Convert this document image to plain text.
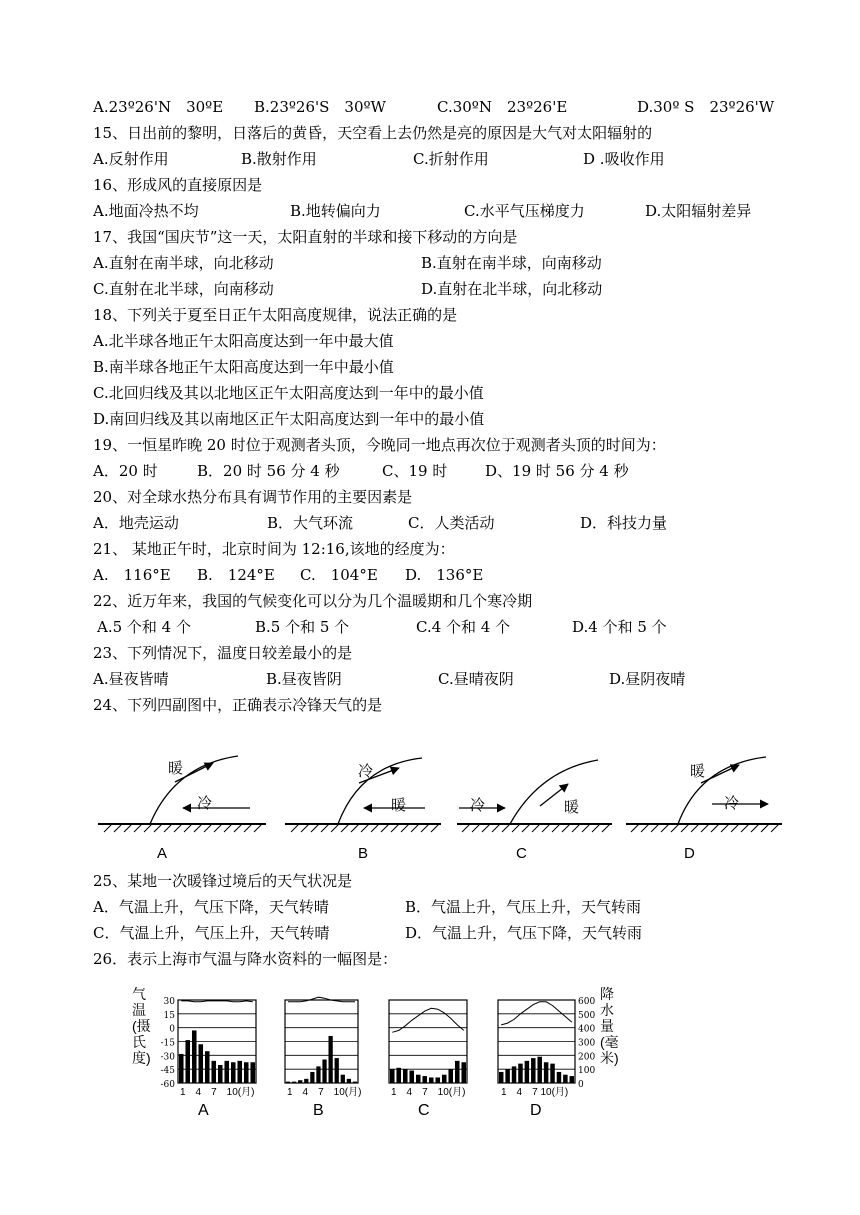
A.23º26'N　30ºE B.23º26'S　30ºW	C.30ºN　23º26'E	D.30º S　23º26'W
15、日出前的黎明，日落后的黄昏，天空看上去仍然是亮的原因是大气对太阳辐射的
A.反射作用	B.散射作用	C.折射作用	D .吸收作用
16、形成风的直接原因是
A.地面冷热不均	B.地转偏向力	C.水平气压梯度力	D.太阳辐射差异
17、我国“国庆节”这一天，太阳直射的半球和接下移动的方向是
A.直射在南半球，向北移动	B.直射在南半球，向南移动
C.直射在北半球，向南移动	D.直射在北半球，向北移动
18、下列关于夏至日正午太阳高度规律，说法正确的是
A.北半球各地正午太阳高度达到一年中最大值
B.南半球各地正午太阳高度达到一年中最小值
C.北回归线及其以北地区正午太阳高度达到一年中的最小值
D.南回归线及其以南地区正午太阳高度达到一年中的最小值
19、一恒星昨晚 20 时位于观测者头顶，今晚同一地点再次位于观测者头顶的时间为：
A．20 时	B．20 时 56 分 4 秒	C、19 时	D、19 时 56 分 4 秒
20、对全球水热分布具有调节作用的主要因素是
A．地壳运动	B．大气环流	C．人类活动	D．科技力量
21、 某地正午时，北京时间为 12:16,该地的经度为：
A.　116°E B.　124°E C.　104°E D.　136°E
22、近万年来，我国的气候变化可以分为几个温暖期和几个寒冷期
A.5 个和 4 个	B.5 个和 5 个	C.4 个和 4 个	D.4 个和 5 个
23、下列情况下，温度日较差最小的是
A.昼夜皆晴	B.昼夜皆阴	C.昼晴夜阴	D.昼阴夜晴
24、下列四副图中，正确表示冷锋天气的是
暖
冷
A
冷
暖
B
冷	暖
C
暖
冷
D
25、某地一次暖锋过境后的天气状况是
A．气温上升，气压下降，天气转晴	B．气温上升，气压上升，天气转雨
C．气温上升，气压上升，天气转晴	D．气温上升，气压下降，天气转雨
26．表示上海市气温与降水资料的一幅图是：
30
15
0
-15
-30
-45
-60
600
500
400
300
200
100
0
A	B	C	D
1　4　7　10(月)	1　4　7　10(月)	1　4　7　10(月)	1　4　7 10(月)
气温(摄氏度)
降水量(毫米)
